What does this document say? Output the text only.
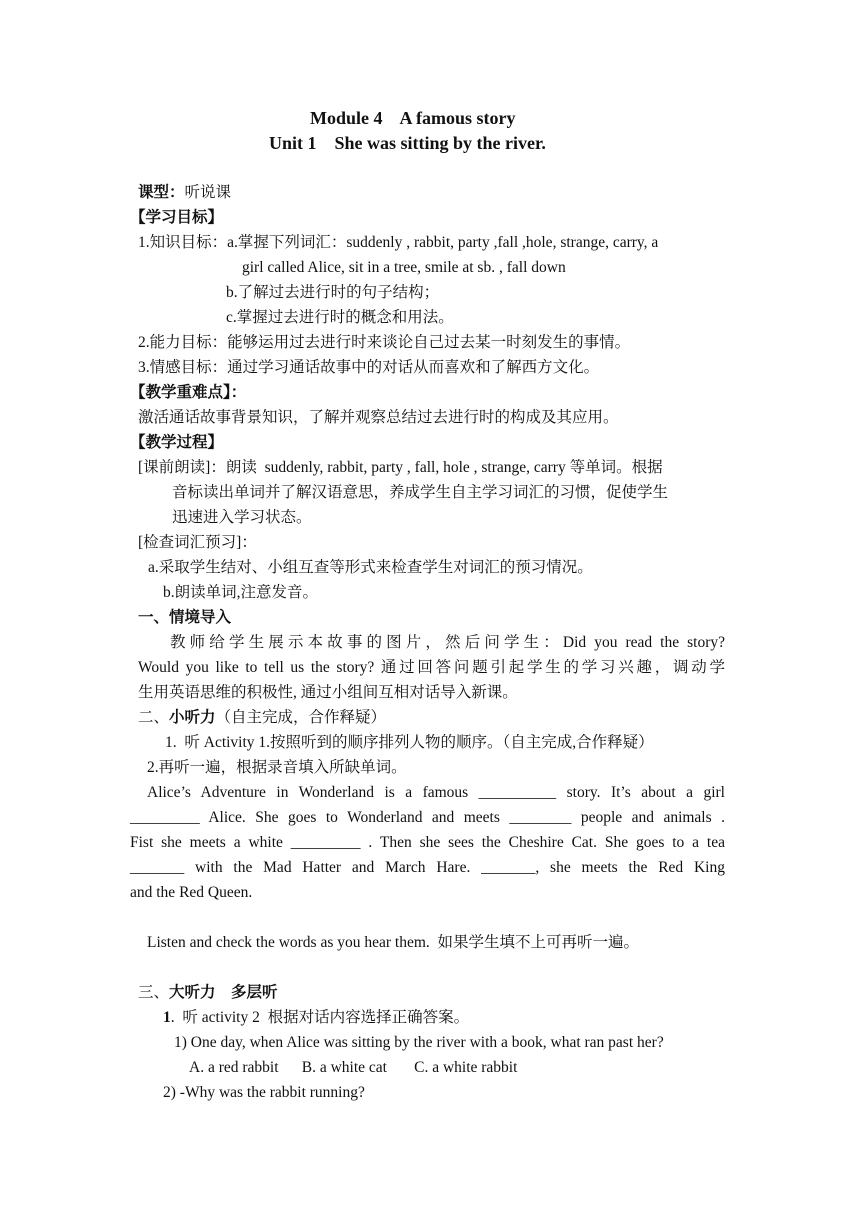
Module 4    A famous story
Unit 1    She was sitting by the river.
课型：听说课
【学习目标】
1.知识目标：a.掌握下列词汇：suddenly , rabbit, party ,fall ,hole, strange, carry, a
girl called Alice, sit in a tree, smile at sb. , fall down
b.了解过去进行时的句子结构；
c.掌握过去进行时的概念和用法。
2.能力目标：能够运用过去进行时来谈论自己过去某一时刻发生的事情。
3.情感目标：通过学习通话故事中的对话从而喜欢和了解西方文化。
【教学重难点】：
激活通话故事背景知识，了解并观察总结过去进行时的构成及其应用。
【教学过程】
[课前朗读]：朗读  suddenly, rabbit, party , fall, hole , strange, carry 等单词。根据
音标读出单词并了解汉语意思，养成学生自主学习词汇的习惯，促使学生
迅速进入学习状态。
[检查词汇预习]：
a.采取学生结对、小组互查等形式来检查学生对词汇的预习情况。
b.朗读单词,注意发音。
一、情境导入
教师给学生展示本故事的图片，然后问学生：Did you read the story?
Would you like to tell us the story? 通过回答问题引起学生的学习兴趣，调动学
生用英语思维的积极性, 通过小组间互相对话导入新课。
二、小听力（自主完成，合作释疑）
1.  听 Activity 1.按照听到的顺序排列人物的顺序。（自主完成,合作释疑）
2.再听一遍，根据录音填入所缺单词。
Alice’s Adventure in Wonderland is a famous __________ story. It’s about a girl
_________ Alice. She goes to Wonderland and meets ________ people and animals .
Fist she meets a white _________ . Then she sees the Cheshire Cat. She goes to a tea
_______ with the Mad Hatter and March Hare. _______, she meets the Red King
and the Red Queen.
Listen and check the words as you hear them.  如果学生填不上可再听一遍。
三、大听力    多层听
1.  听 activity 2  根据对话内容选择正确答案。
1) One day, when Alice was sitting by the river with a book, what ran past her?
A. a red rabbit      B. a white cat       C. a white rabbit
2) -Why was the rabbit running?
